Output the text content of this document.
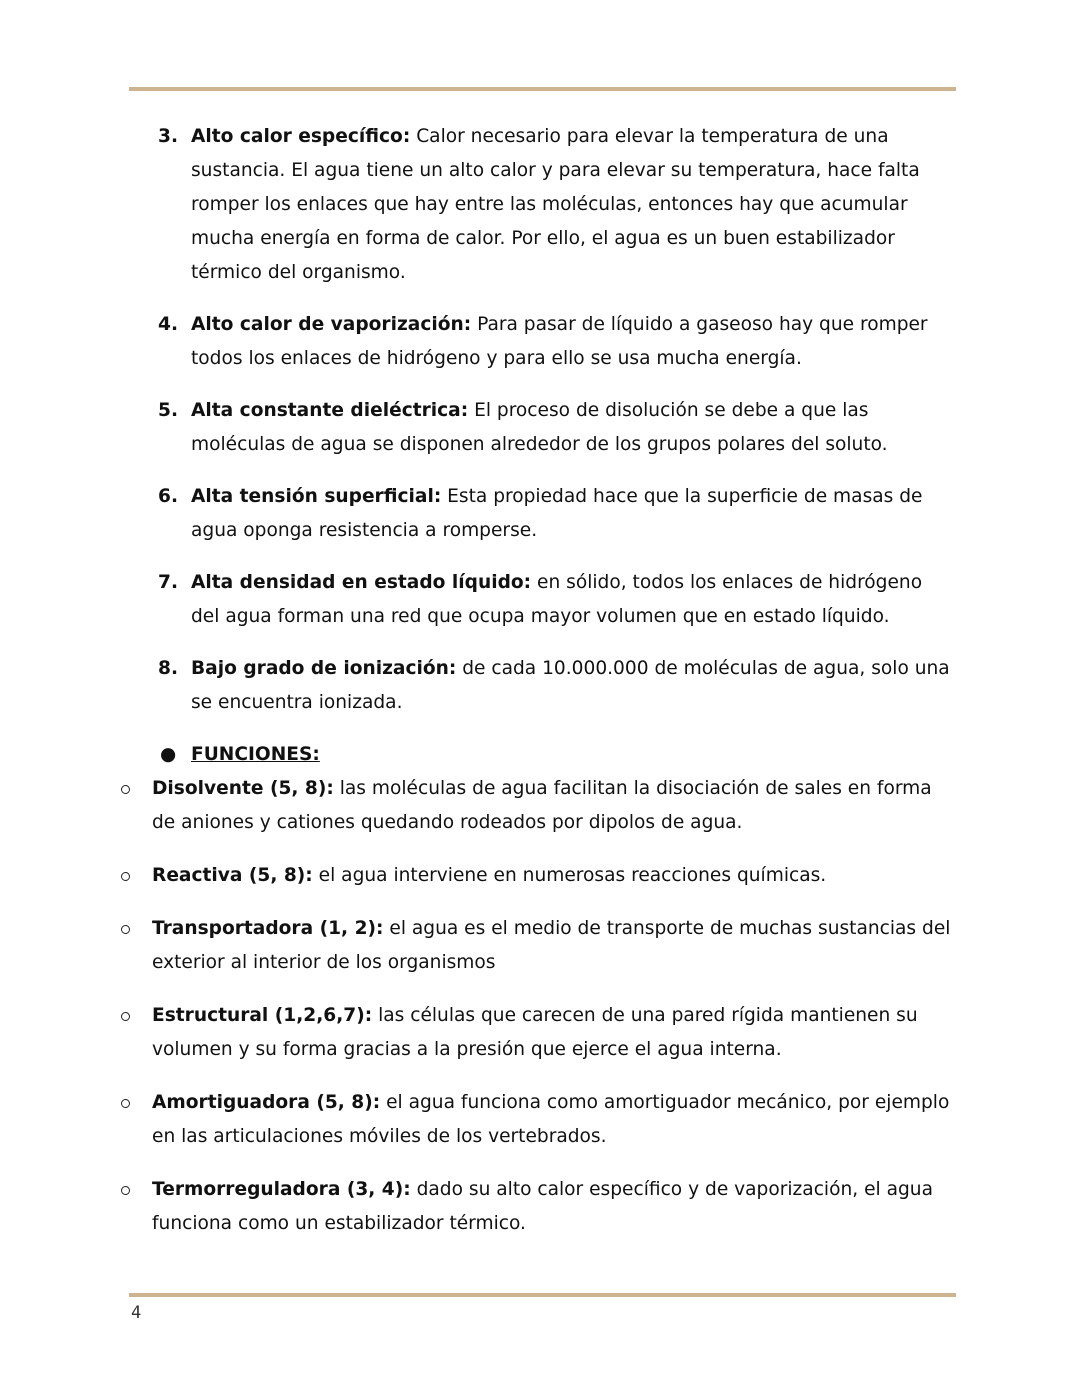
3. Alto calor específico: Calor necesario para elevar la temperatura de una sustancia. El agua tiene un alto calor y para elevar su temperatura, hace falta romper los enlaces que hay entre las moléculas, entonces hay que acumular mucha energía en forma de calor. Por ello, el agua es un buen estabilizador térmico del organismo.
4. Alto calor de vaporización: Para pasar de líquido a gaseoso hay que romper todos los enlaces de hidrógeno y para ello se usa mucha energía.
5. Alta constante dieléctrica: El proceso de disolución se debe a que las moléculas de agua se disponen alrededor de los grupos polares del soluto.
6. Alta tensión superficial: Esta propiedad hace que la superficie de masas de agua oponga resistencia a romperse.
7. Alta densidad en estado líquido: en sólido, todos los enlaces de hidrógeno del agua forman una red que ocupa mayor volumen que en estado líquido.
8. Bajo grado de ionización: de cada 10.000.000 de moléculas de agua, solo una se encuentra ionizada.
● FUNCIONES:
Disolvente (5, 8): las moléculas de agua facilitan la disociación de sales en forma de aniones y cationes quedando rodeados por dipolos de agua.
Reactiva (5, 8): el agua interviene en numerosas reacciones químicas.
Transportadora (1, 2): el agua es el medio de transporte de muchas sustancias del exterior al interior de los organismos
Estructural (1,2,6,7): las células que carecen de una pared rígida mantienen su volumen y su forma gracias a la presión que ejerce el agua interna.
Amortiguadora (5, 8): el agua funciona como amortiguador mecánico, por ejemplo en las articulaciones móviles de los vertebrados.
Termorreguladora (3, 4): dado su alto calor específico y de vaporización, el agua funciona como un estabilizador térmico.
4
